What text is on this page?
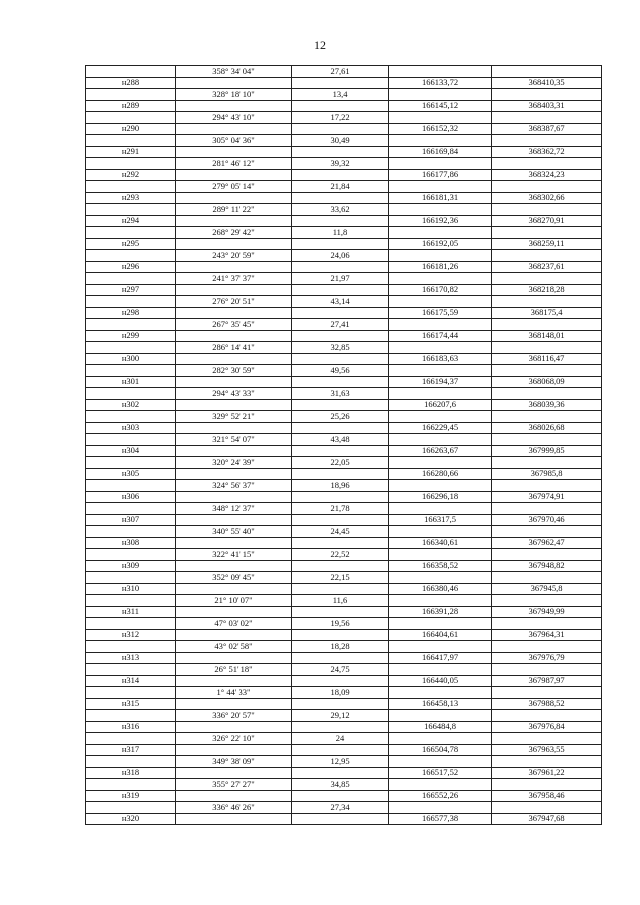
12
	358° 34' 04"	27,61		
н288			166133,72	368410,35
	328° 18' 10"	13,4		
н289			166145,12	368403,31
	294° 43' 10"	17,22		
н290			166152,32	368387,67
	305° 04' 36"	30,49		
н291			166169,84	368362,72
	281° 46' 12"	39,32		
н292			166177,86	368324,23
	279° 05' 14"	21,84		
н293			166181,31	368302,66
	289° 11' 22"	33,62		
н294			166192,36	368270,91
	268° 29' 42"	11,8		
н295			166192,05	368259,11
	243° 20' 59"	24,06		
н296			166181,26	368237,61
	241° 37' 37"	21,97		
н297			166170,82	368218,28
	276° 20' 51"	43,14		
н298			166175,59	368175,4
	267° 35' 45"	27,41		
н299			166174,44	368148,01
	286° 14' 41"	32,85		
н300			166183,63	368116,47
	282° 30' 59"	49,56		
н301			166194,37	368068,09
	294° 43' 33"	31,63		
н302			166207,6	368039,36
	329° 52' 21"	25,26		
н303			166229,45	368026,68
	321° 54' 07"	43,48		
н304			166263,67	367999,85
	320° 24' 39"	22,05		
н305			166280,66	367985,8
	324° 56' 37"	18,96		
н306			166296,18	367974,91
	348° 12' 37"	21,78		
н307			166317,5	367970,46
	340° 55' 40"	24,45		
н308			166340,61	367962,47
	322° 41' 15"	22,52		
н309			166358,52	367948,82
	352° 09' 45"	22,15		
н310			166380,46	367945,8
	21° 10' 07"	11,6		
н311			166391,28	367949,99
	47° 03' 02"	19,56		
н312			166404,61	367964,31
	43° 02' 58"	18,28		
н313			166417,97	367976,79
	26° 51' 18"	24,75		
н314			166440,05	367987,97
	1° 44' 33"	18,09		
н315			166458,13	367988,52
	336° 20' 57"	29,12		
н316			166484,8	367976,84
	326° 22' 10"	24		
н317			166504,78	367963,55
	349° 38' 09"	12,95		
н318			166517,52	367961,22
	355° 27' 27"	34,85		
н319			166552,26	367958,46
	336° 46' 26"	27,34		
н320			166577,38	367947,68
